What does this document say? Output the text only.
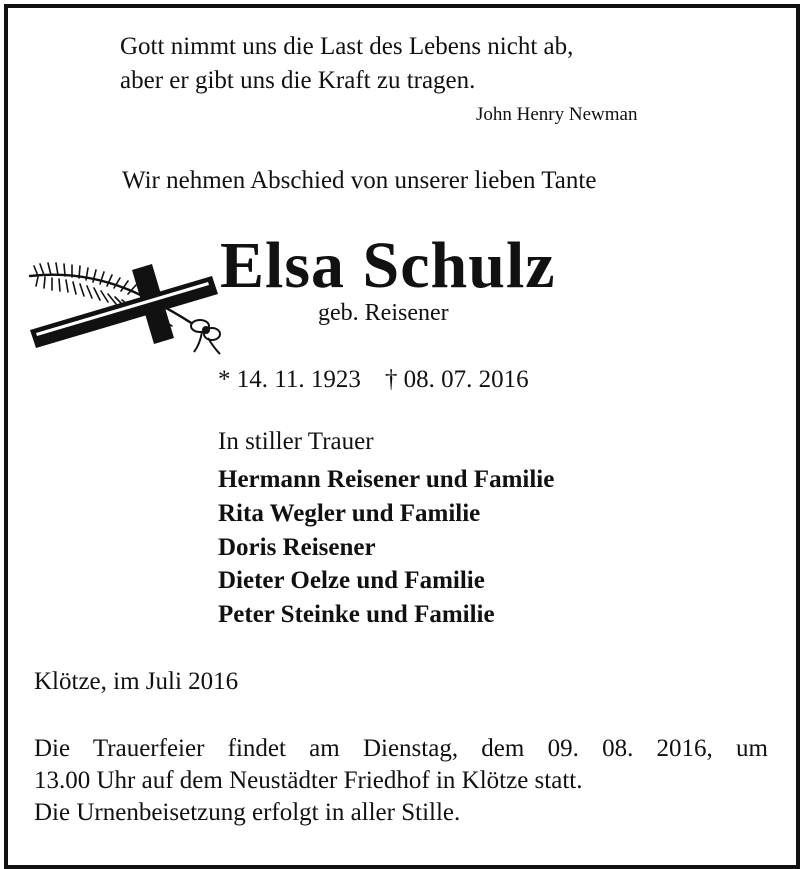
Gott nimmt uns die Last des Lebens nicht ab,
aber er gibt uns die Kraft zu tragen.
John Henry Newman
Wir nehmen Abschied von unserer lieben Tante
Elsa Schulz
geb. Reisener
* 14. 11. 1923 † 08. 07. 2016
In stiller Trauer
Hermann Reisener und Familie
Rita Wegler und Familie
Doris Reisener
Dieter Oelze und Familie
Peter Steinke und Familie
Klötze, im Juli 2016
Die Trauerfeier findet am Dienstag, dem 09. 08. 2016, um
13.00 Uhr auf dem Neustädter Friedhof in Klötze statt.
Die Urnenbeisetzung erfolgt in aller Stille.
